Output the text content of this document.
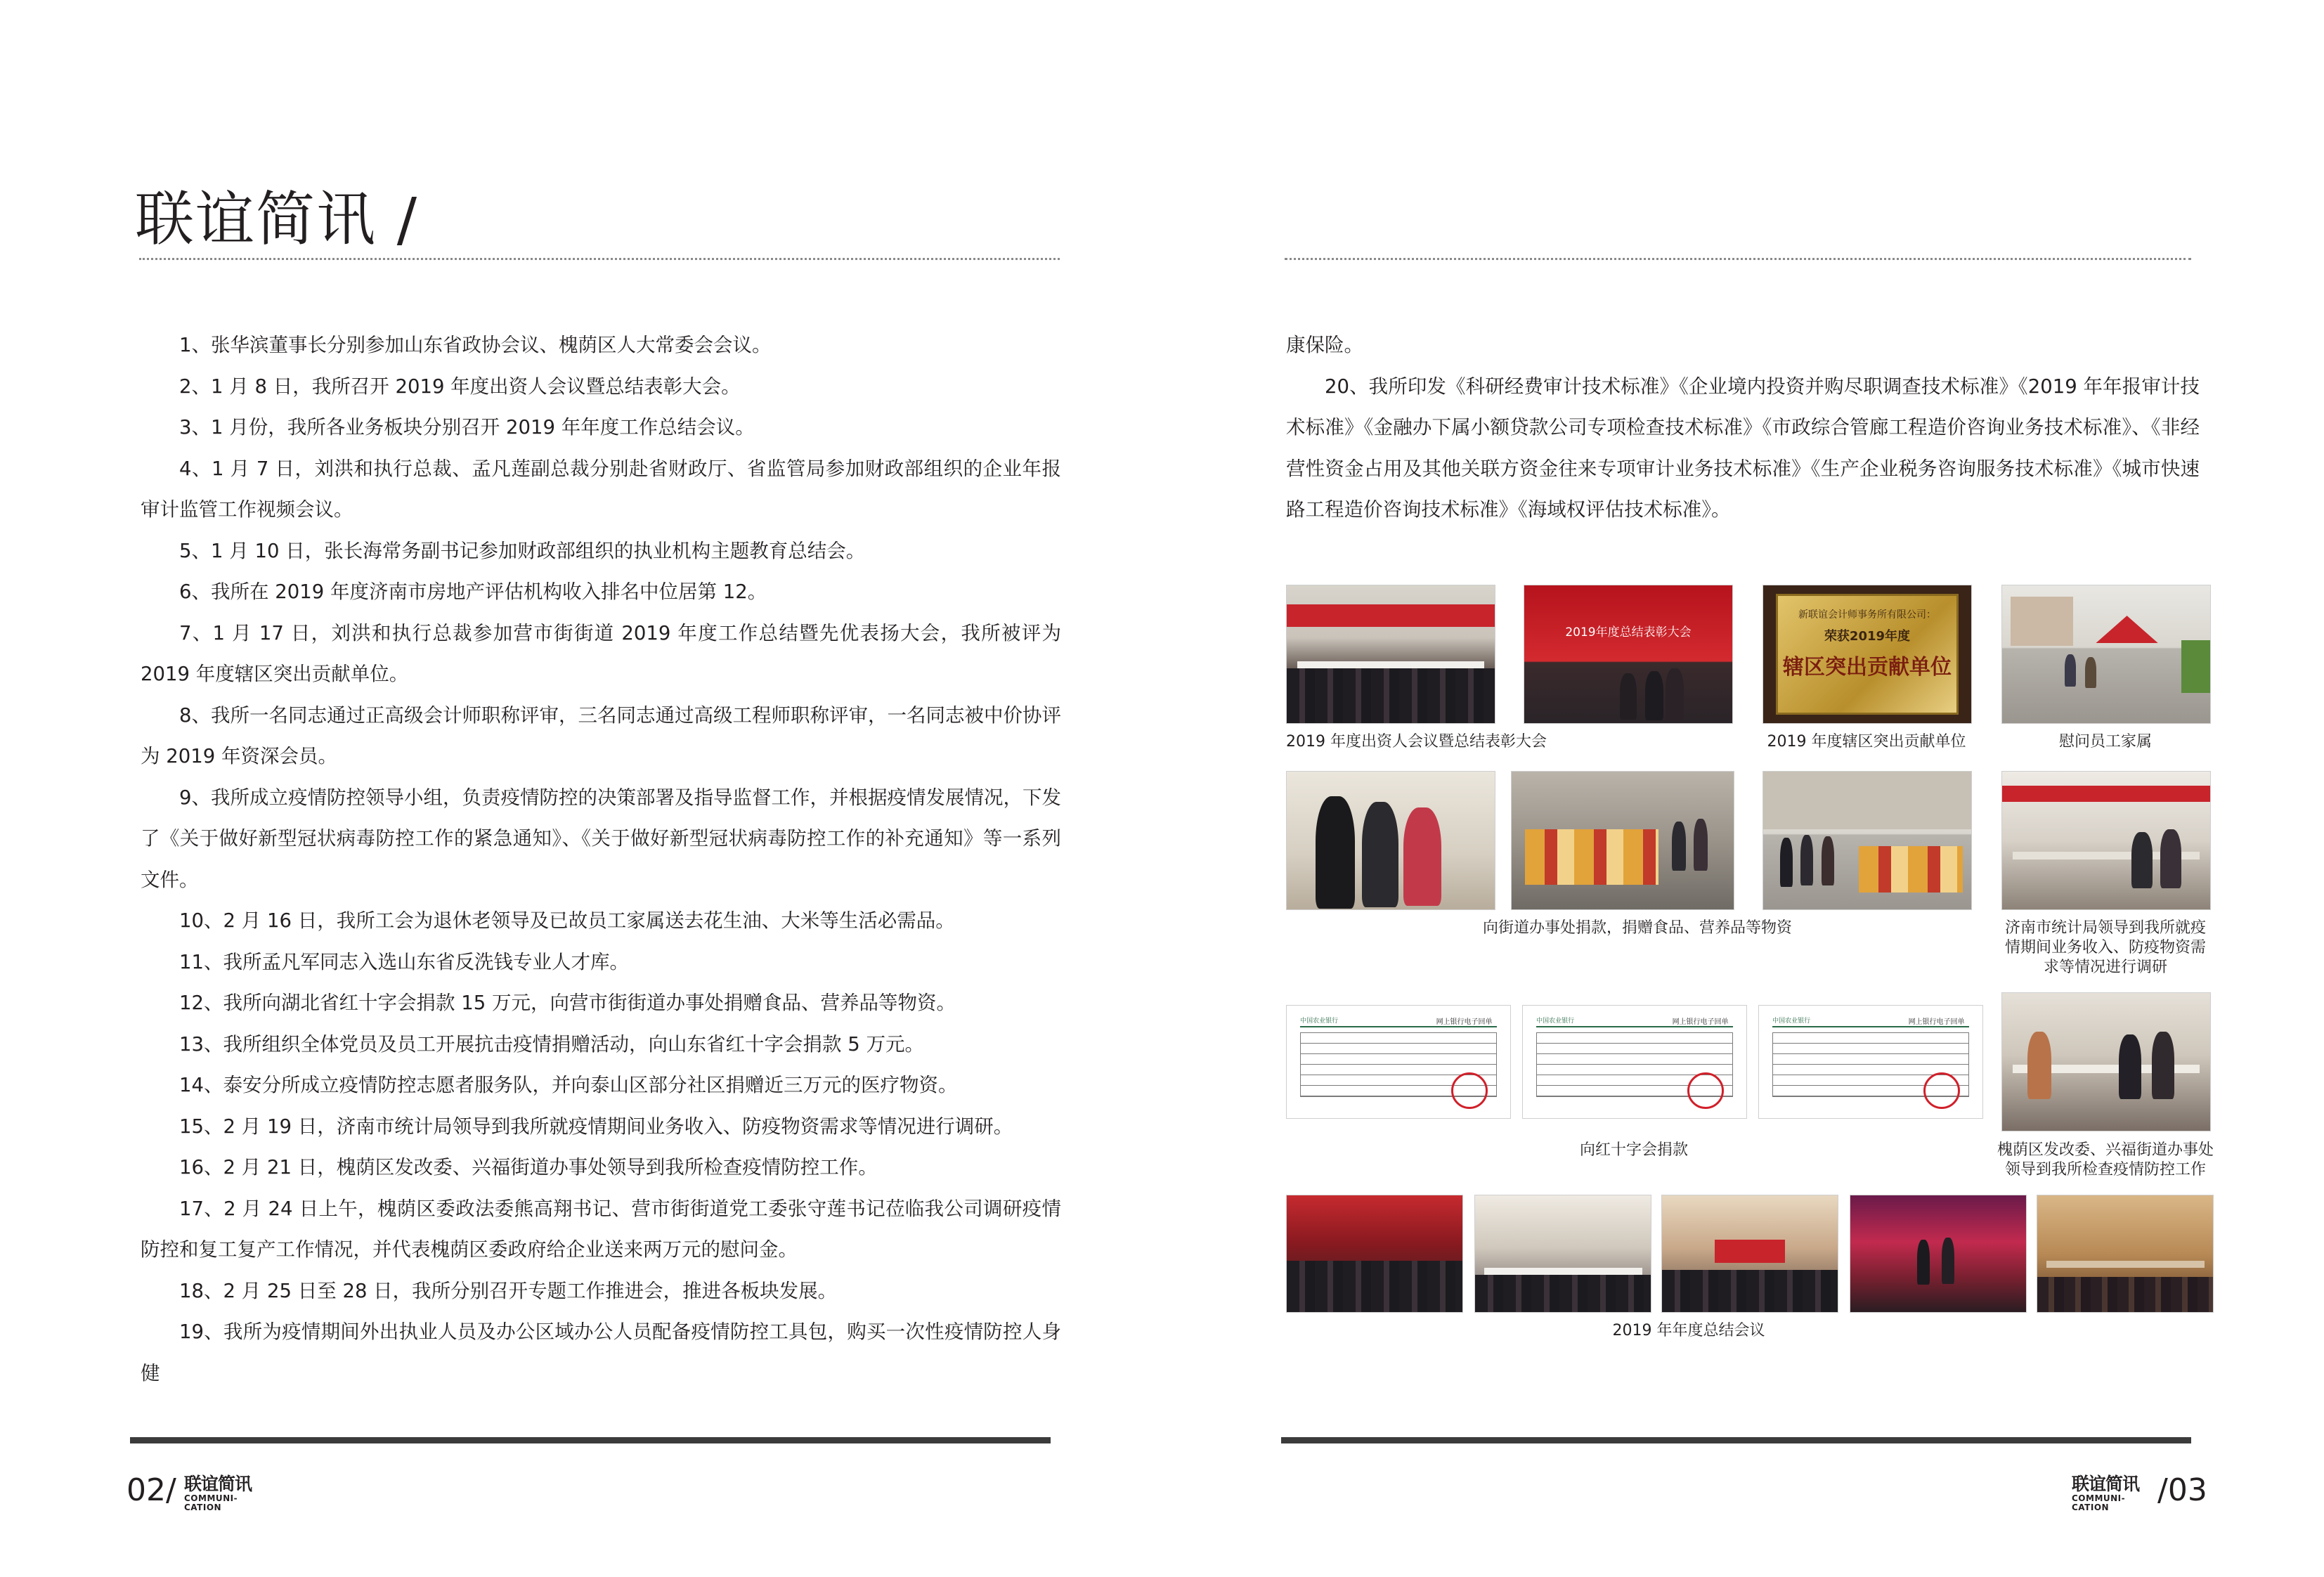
联谊简讯 /

1、张华滨董事长分别参加山东省政协会议、槐荫区人大常委会会议。

2、1 月 8 日，我所召开 2019 年度出资人会议暨总结表彰大会。

3、1 月份，我所各业务板块分别召开 2019 年年度工作总结会议。

4、1 月 7 日，刘洪和执行总裁、孟凡莲副总裁分别赴省财政厅、省监管局参加财政部组织的企业年报审计监管工作视频会议。

5、1 月 10 日，张长海常务副书记参加财政部组织的执业机构主题教育总结会。

6、我所在 2019 年度济南市房地产评估机构收入排名中位居第 12。

7、1 月 17 日，刘洪和执行总裁参加营市街街道 2019 年度工作总结暨先优表扬大会，我所被评为 2019 年度辖区突出贡献单位。

8、我所一名同志通过正高级会计师职称评审，三名同志通过高级工程师职称评审，一名同志被中价协评为 2019 年资深会员。

9、我所成立疫情防控领导小组，负责疫情防控的决策部署及指导监督工作，并根据疫情发展情况，下发了《关于做好新型冠状病毒防控工作的紧急通知》、《关于做好新型冠状病毒防控工作的补充通知》等一系列文件。

10、2 月 16 日，我所工会为退休老领导及已故员工家属送去花生油、大米等生活必需品。

11、我所孟凡军同志入选山东省反洗钱专业人才库。

12、我所向湖北省红十字会捐款 15 万元，向营市街街道办事处捐赠食品、营养品等物资。

13、我所组织全体党员及员工开展抗击疫情捐赠活动，向山东省红十字会捐款 5 万元。

14、泰安分所成立疫情防控志愿者服务队，并向泰山区部分社区捐赠近三万元的医疗物资。

15、2 月 19 日，济南市统计局领导到我所就疫情期间业务收入、防疫物资需求等情况进行调研。

16、2 月 21 日，槐荫区发改委、兴福街道办事处领导到我所检查疫情防控工作。

17、2 月 24 日上午，槐荫区委政法委熊高翔书记、营市街街道党工委张守莲书记莅临我公司调研疫情防控和复工复产工作情况，并代表槐荫区委政府给企业送来两万元的慰问金。

18、2 月 25 日至 28 日，我所分别召开专题工作推进会，推进各板块发展。

19、我所为疫情期间外出执业人员及办公区域办公人员配备疫情防控工具包，购买一次性疫情防控人身健

康保险。

20、我所印发《科研经费审计技术标准》《企业境内投资并购尽职调查技术标准》《2019 年年报审计技术标准》《金融办下属小额贷款公司专项检查技术标准》《市政综合管廊工程造价咨询业务技术标准》、《非经营性资金占用及其他关联方资金往来专项审计业务技术标准》《生产企业税务咨询服务技术标准》《城市快速路工程造价咨询技术标准》《海域权评估技术标准》。

2019年度总结表彰大会
新联谊会计师事务所有限公司：
荣获2019年度
辖区突出贡献单位
2019 年度出资人会议暨总结表彰大会	2019 年度辖区突出贡献单位	慰问员工家属
向街道办事处捐款，捐赠食品、营养品等物资	济南市统计局领导到我所就疫
情期间业务收入、防疫物资需
求等情况进行调研
中国农业银行	网上银行电子回单	中国农业银行	网上银行电子回单	中国农业银行	网上银行电子回单
向红十字会捐款	槐荫区发改委、兴福街道办事处
领导到我所检查疫情防控工作
2019 年年度总结会议
02/ 联谊简讯
COMMUNI-
CATION
联谊简讯
COMMUNI-
CATION	/03
